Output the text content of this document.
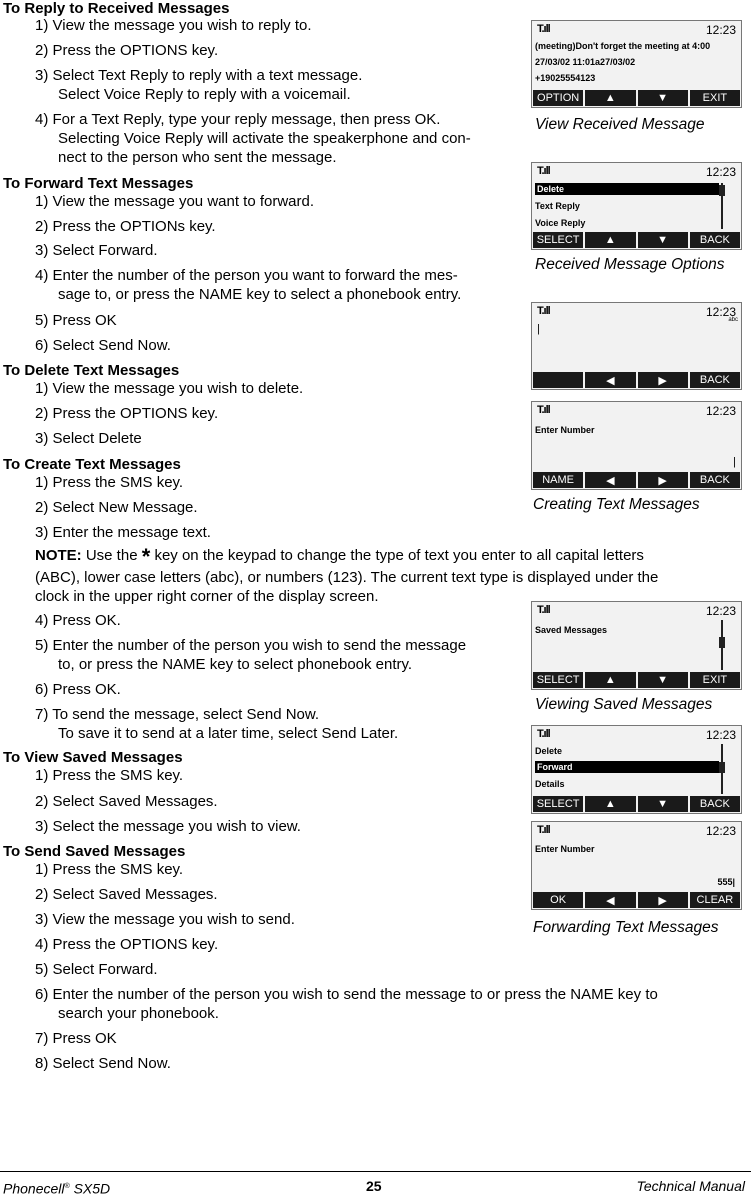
To Reply to Received Messages
1) View the message you wish to reply to.
2) Press the OPTIONS key.
3) Select Text Reply to reply with a text message.
Select Voice Reply to reply with a voicemail.
4) For a Text Reply, type your reply message, then press OK.
Selecting Voice Reply will activate the speakerphone and con-
nect to the person who sent the message.
To Forward Text Messages
1) View the message you want to forward.
2) Press the OPTIONs key.
3) Select Forward.
4) Enter the number of the person you want to forward the mes-
sage to, or press the NAME key to select a phonebook entry.
5) Press OK
6) Select Send Now.
To Delete Text Messages
1) View the message you wish to delete.
2) Press the OPTIONS key.
3) Select Delete
To Create Text Messages
1) Press the SMS key.
2) Select New Message.
3) Enter the message text.
NOTE: Use the * key on the keypad to change the type of text you enter to all capital letters
(ABC), lower case letters (abc), or numbers (123). The current text type is displayed under the
clock in the upper right corner of the display screen.
4) Press OK.
5) Enter the number of the person you wish to send the message
to, or press the NAME key to select phonebook entry.
6) Press OK.
7) To send the message, select Send Now.
To save it to send at a later time, select Send Later.
To View Saved Messages
1) Press the SMS key.
2) Select Saved Messages.
3) Select the message you wish to view.
To Send Saved Messages
1) Press the SMS key.
2) Select Saved Messages.
3) View the message you wish to send.
4) Press the OPTIONS key.
5) Select Forward.
6) Enter the number of the person you wish to send the message to or press the NAME key to
search your phonebook.
7) Press OK
8) Select Send Now.
T.ıll	12:23
(meeting)Don't forget the meeting at 4:00
27/03/02 11:01a27/03/02
+19025554123
OPTION	▲	▼	EXIT
View Received Message
T.ıll	12:23
Delete
Text Reply
Voice Reply
SELECT	▲	▼	BACK
Received Message Options
T.ıll	12:23
abc
|
◀	▶	BACK
T.ıll	12:23
Enter Number
|
NAME	◀	▶	BACK
Creating Text Messages
T.ıll	12:23
Saved Messages
SELECT	▲	▼	EXIT
Viewing Saved Messages
T.ıll	12:23
Delete
Forward
Details
SELECT	▲	▼	BACK
T.ıll	12:23
Enter Number
555|
OK	◀	▶	CLEAR
Forwarding Text Messages
Phonecell® SX5D	25	Technical Manual
